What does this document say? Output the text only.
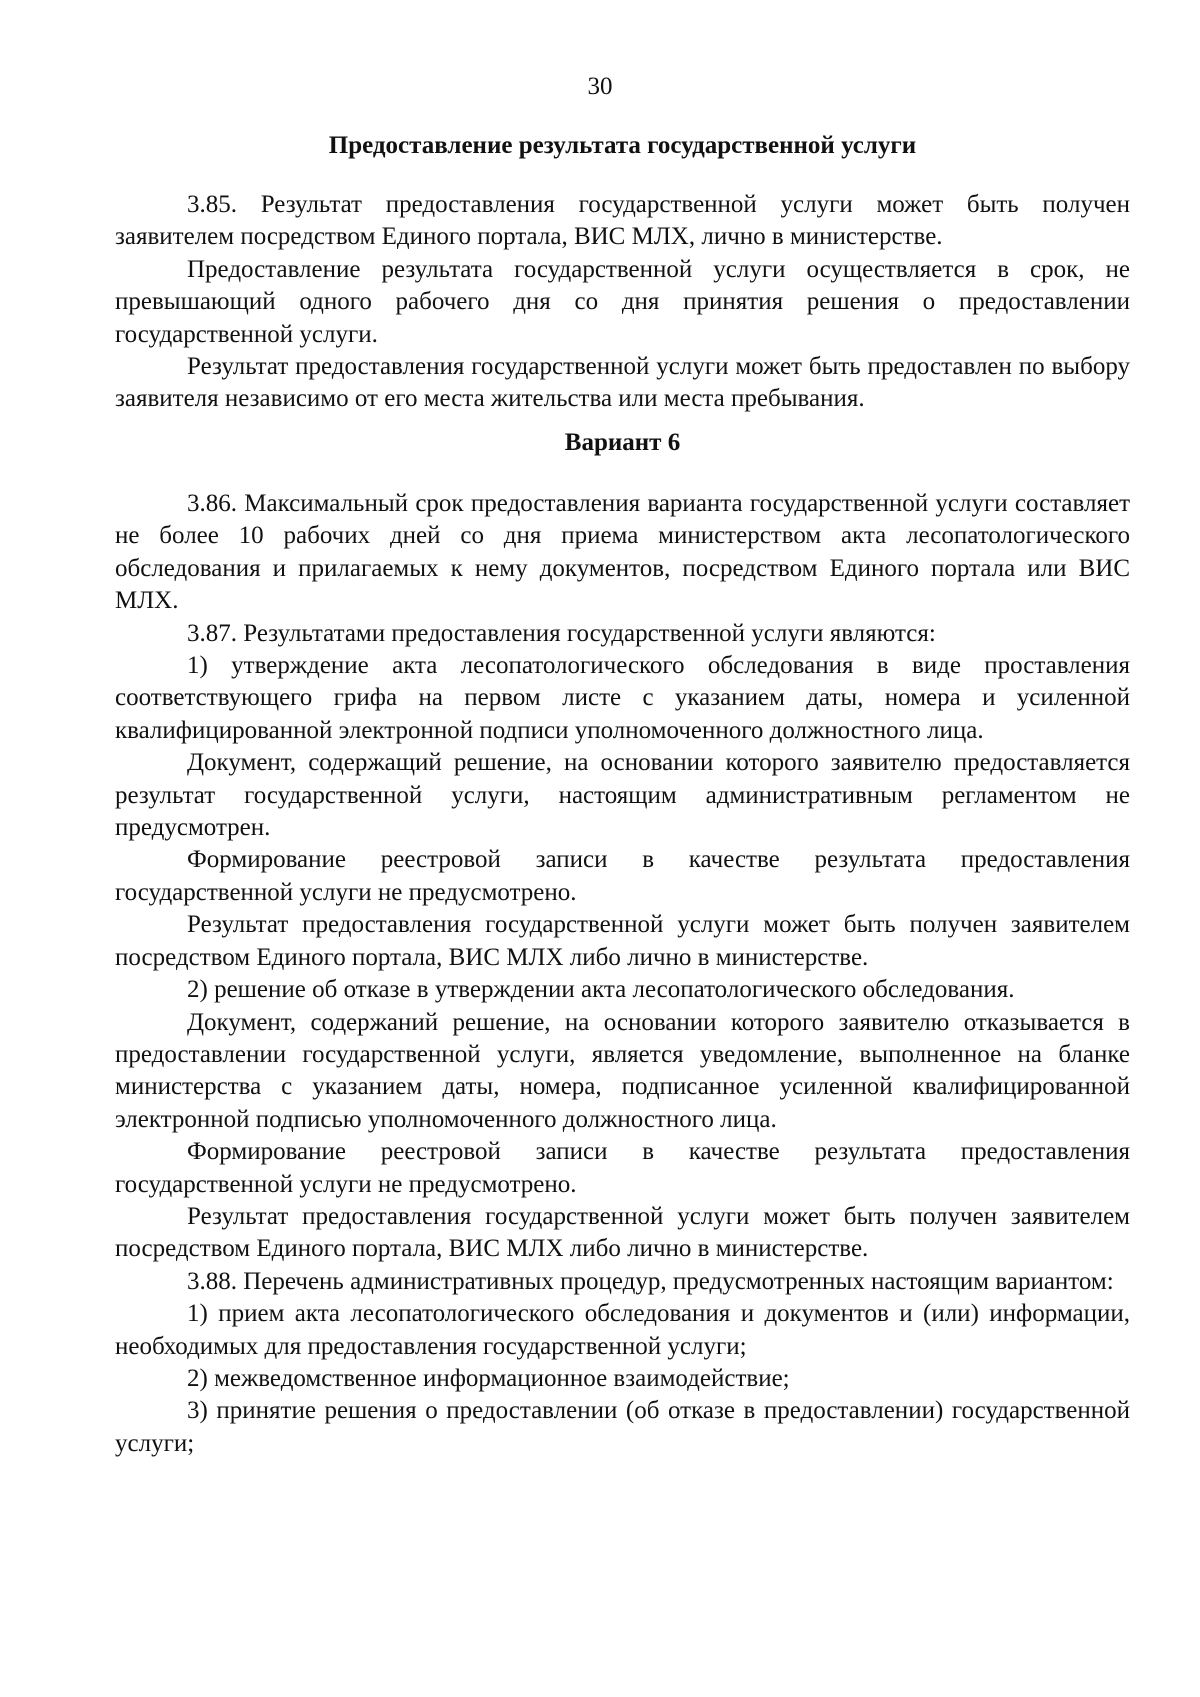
30
Предоставление результата государственной услуги

3.85. Результат предоставления государственной услуги может быть получен заявителем посредством Единого портала, ВИС МЛХ, лично в министерстве.

Предоставление результата государственной услуги осуществляется в срок, не превышающий одного рабочего дня со дня принятия решения о предоставлении государственной услуги.

Результат предоставления государственной услуги может быть предоставлен по выбору заявителя независимо от его места жительства или места пребывания.

Вариант 6

3.86. Максимальный срок предоставления варианта государственной услуги составляет не более 10 рабочих дней со дня приема министерством акта лесопатологического обследования и прилагаемых к нему документов, посредством Единого портала или ВИС МЛХ.

3.87. Результатами предоставления государственной услуги являются:

1) утверждение акта лесопатологического обследования в виде проставления соответствующего грифа на первом листе с указанием даты, номера и усиленной квалифицированной электронной подписи уполномоченного должностного лица.

Документ, содержащий решение, на основании которого заявителю предоставляется результат государственной услуги, настоящим административным регламентом не предусмотрен.

Формирование реестровой записи в качестве результата предоставления государственной услуги не предусмотрено.

Результат предоставления государственной услуги может быть получен заявителем посредством Единого портала, ВИС МЛХ либо лично в министерстве.

2) решение об отказе в утверждении акта лесопатологического обследования.

Документ, содержаний решение, на основании которого заявителю отказывается в предоставлении государственной услуги, является уведомление, выполненное на бланке министерства с указанием даты, номера, подписанное усиленной квалифицированной электронной подписью уполномоченного должностного лица.

Формирование реестровой записи в качестве результата предоставления государственной услуги не предусмотрено.

Результат предоставления государственной услуги может быть получен заявителем посредством Единого портала, ВИС МЛХ либо лично в министерстве.

3.88. Перечень административных процедур, предусмотренных настоящим вариантом:

1) прием акта лесопатологического обследования и документов и (или) информации, необходимых для предоставления государственной услуги;

2) межведомственное информационное взаимодействие;

3) принятие решения о предоставлении (об отказе в предоставлении) государственной услуги;
